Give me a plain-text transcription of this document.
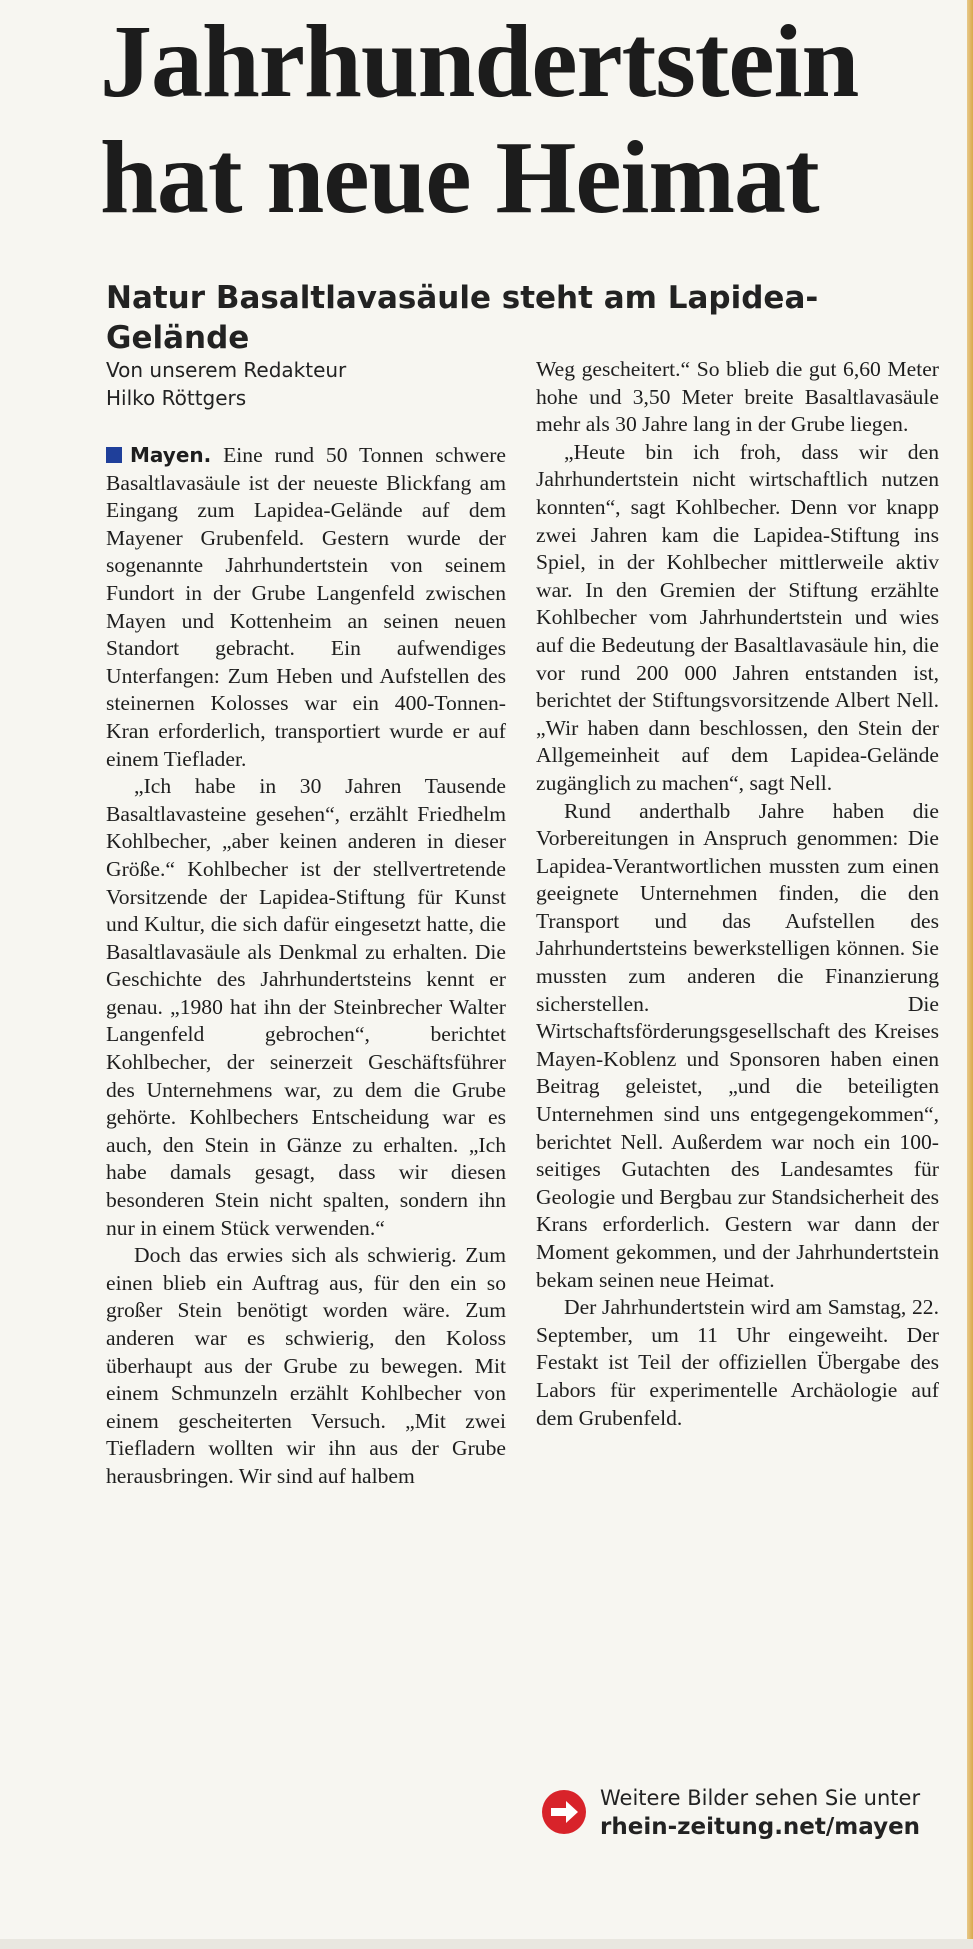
Jahrhundertstein
hat neue Heimat
Natur Basaltlavasäule steht am Lapidea-Gelände
Von unserem Redakteur
Hilko Röttgers

Mayen. Eine rund 50 Tonnen schwere Basaltlavasäule ist der neueste Blickfang am Eingang zum Lapidea-Gelände auf dem Mayener Grubenfeld. Gestern wurde der sogenannte Jahrhundertstein von seinem Fundort in der Grube Langenfeld zwischen Mayen und Kottenheim an seinen neuen Standort gebracht. Ein aufwendiges Unterfangen: Zum Heben und Aufstellen des steinernen Kolosses war ein 400-Tonnen-Kran erforderlich, transportiert wurde er auf einem Tieflader.

„Ich habe in 30 Jahren Tausende Basaltlavasteine gesehen“, erzählt Friedhelm Kohlbecher, „aber keinen anderen in dieser Größe.“ Kohlbecher ist der stellvertretende Vorsitzende der Lapidea-Stiftung für Kunst und Kultur, die sich dafür eingesetzt hatte, die Basaltlavasäule als Denkmal zu erhalten. Die Geschichte des Jahrhundertsteins kennt er genau. „1980 hat ihn der Steinbrecher Walter Langenfeld gebrochen“, berichtet Kohlbecher, der seinerzeit Geschäftsführer des Unternehmens war, zu dem die Grube gehörte. Kohlbechers Entscheidung war es auch, den Stein in Gänze zu erhalten. „Ich habe damals gesagt, dass wir diesen besonderen Stein nicht spalten, sondern ihn nur in einem Stück verwenden.“

Doch das erwies sich als schwierig. Zum einen blieb ein Auftrag aus, für den ein so großer Stein benötigt worden wäre. Zum anderen war es schwierig, den Koloss überhaupt aus der Grube zu bewegen. Mit einem Schmunzeln erzählt Kohlbecher von einem gescheiterten Versuch. „Mit zwei Tiefladern wollten wir ihn aus der Grube herausbringen. Wir sind auf halbem

Weg gescheitert.“ So blieb die gut 6,60 Meter hohe und 3,50 Meter breite Basaltlavasäule mehr als 30 Jahre lang in der Grube liegen.

„Heute bin ich froh, dass wir den Jahrhundertstein nicht wirtschaftlich nutzen konnten“, sagt Kohlbecher. Denn vor knapp zwei Jahren kam die Lapidea-Stiftung ins Spiel, in der Kohlbecher mittlerweile aktiv war. In den Gremien der Stiftung erzählte Kohlbecher vom Jahrhundertstein und wies auf die Bedeutung der Basaltlavasäule hin, die vor rund 200 000 Jahren entstanden ist, berichtet der Stiftungsvorsitzende Albert Nell. „Wir haben dann beschlossen, den Stein der Allgemeinheit auf dem Lapidea-Gelände zugänglich zu machen“, sagt Nell.

Rund anderthalb Jahre haben die Vorbereitungen in Anspruch genommen: Die Lapidea-Verantwortlichen mussten zum einen geeignete Unternehmen finden, die den Transport und das Aufstellen des Jahrhundertsteins bewerkstelligen können. Sie mussten zum anderen die Finanzierung sicherstellen. Die Wirtschaftsförderungsgesellschaft des Kreises Mayen-Koblenz und Sponsoren haben einen Beitrag geleistet, „und die beteiligten Unternehmen sind uns entgegengekommen“, berichtet Nell. Außerdem war noch ein 100-seitiges Gutachten des Landesamtes für Geologie und Bergbau zur Standsicherheit des Krans erforderlich. Gestern war dann der Moment gekommen, und der Jahrhundertstein bekam seinen neue Heimat.

Der Jahrhundertstein wird am Samstag, 22. September, um 11 Uhr eingeweiht. Der Festakt ist Teil der offiziellen Übergabe des Labors für experimentelle Archäologie auf dem Grubenfeld.

Weitere Bilder sehen Sie unter
rhein-zeitung.net/mayen
